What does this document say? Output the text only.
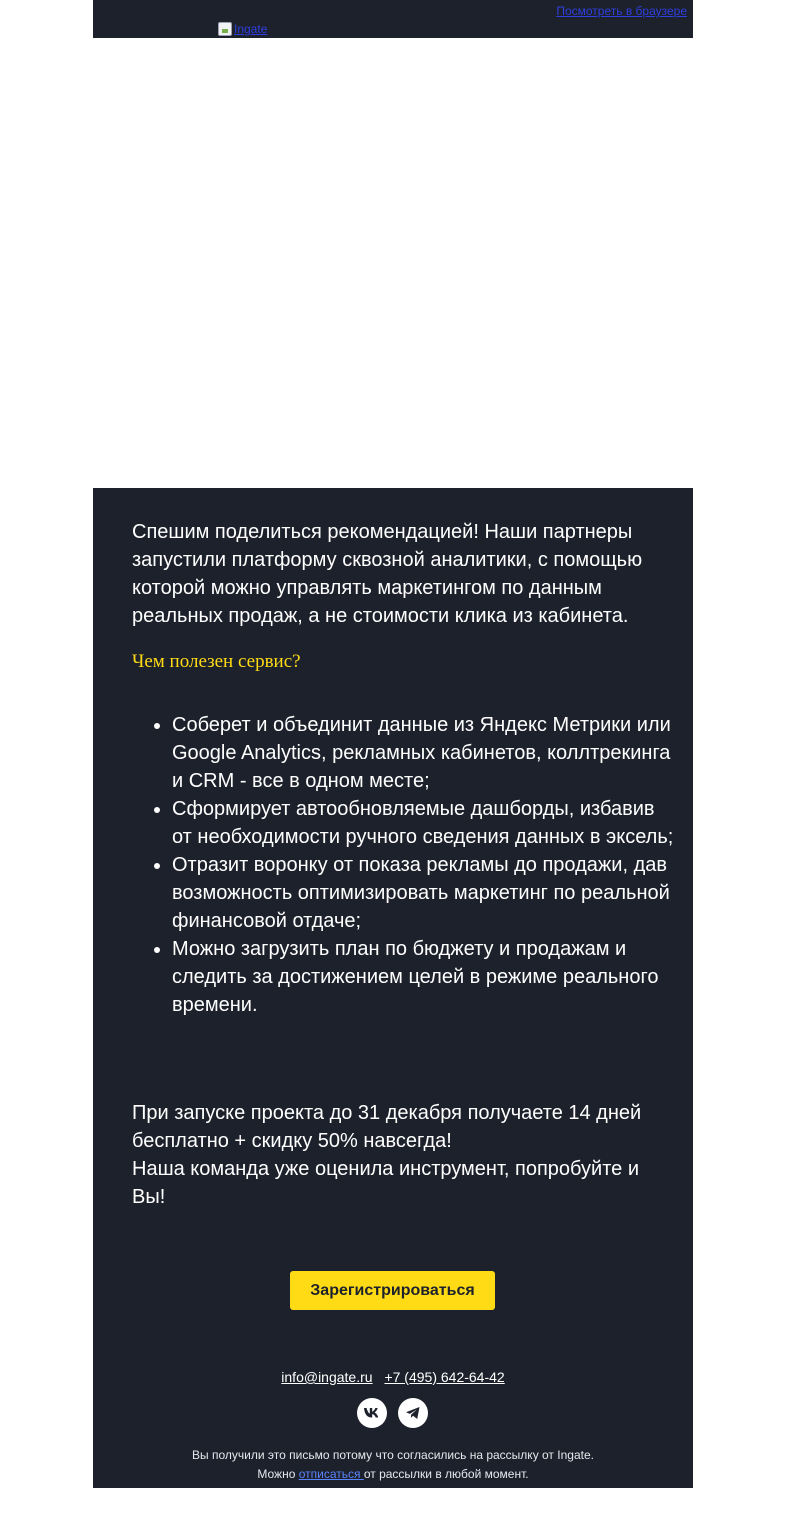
Посмотреть в браузере
Ingate

Спешим поделиться рекомендацией! Наши партнеры запустили платформу сквозной аналитики, с помощью которой можно управлять маркетингом по данным реальных продаж, а не стоимости клика из кабинета.

Чем полезен сервис?

• Соберет и объединит данные из Яндекс Метрики или Google Analytics, рекламных кабинетов, коллтрекинга и CRM - все в одном месте;
• Сформирует автообновляемые дашборды, избавив от необходимости ручного сведения данных в эксель;
• Отразит воронку от показа рекламы до продажи, дав возможность оптимизировать маркетинг по реальной финансовой отдаче;
• Можно загрузить план по бюджету и продажам и следить за достижением целей в режиме реального времени.

При запуске проекта до 31 декабря получаете 14 дней бесплатно + скидку 50% навсегда!
Наша команда уже оценила инструмент, попробуйте и Вы!

Зарегистрироваться
info@ingate.ru +7 (495) 642-64-42
Вы получили это письмо потому что согласились на рассылку от Ingate.
Можно отписаться от рассылки в любой момент.
